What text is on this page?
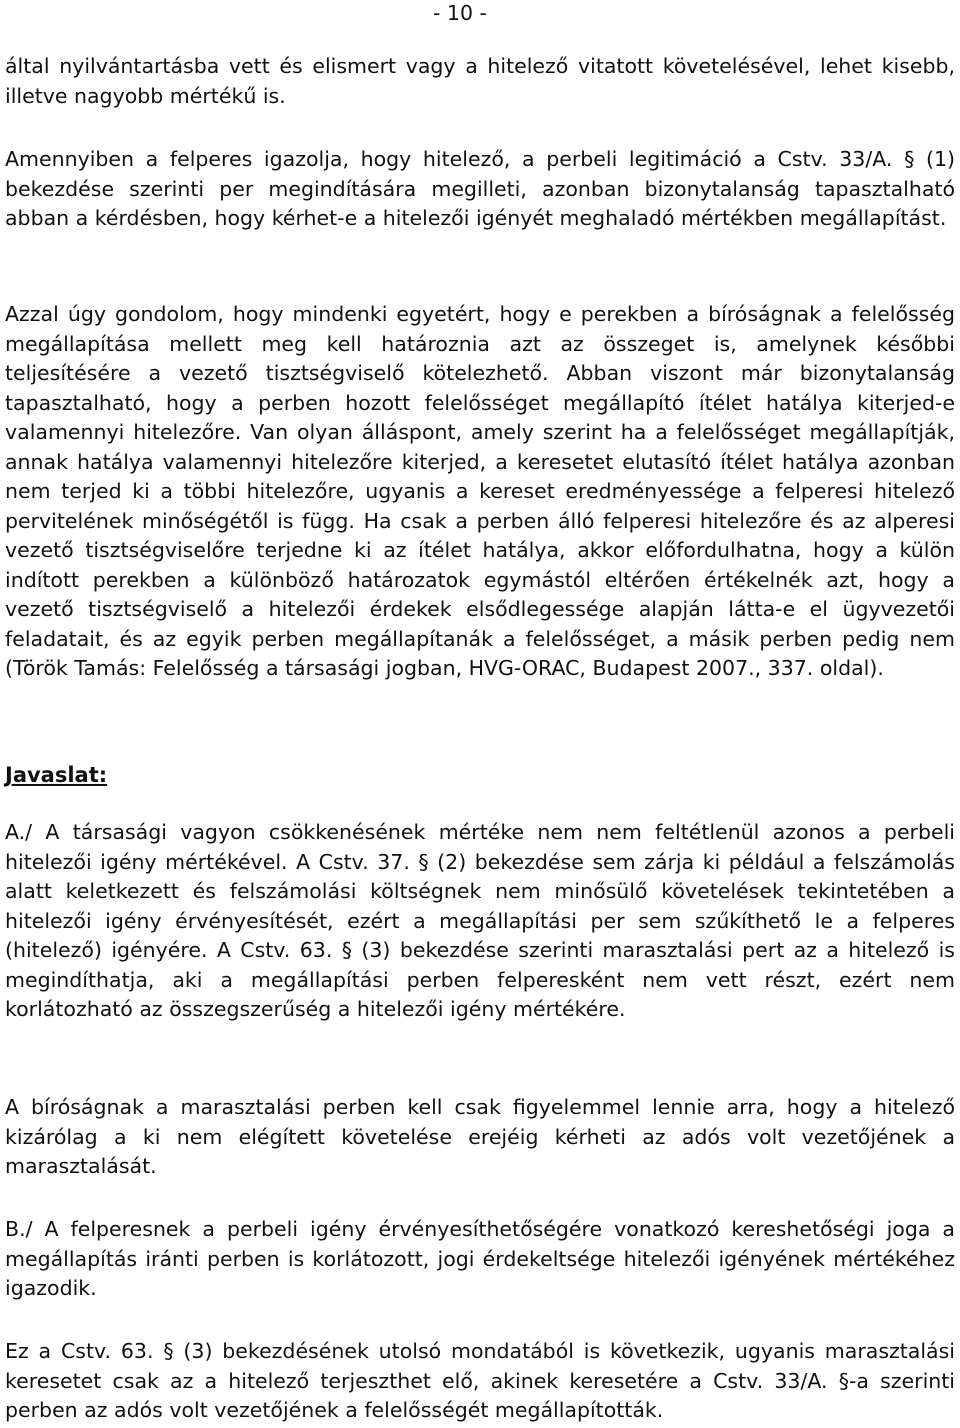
- 10 -

által nyilvántartásba vett és elismert vagy a hitelező vitatott követelésével, lehet kisebb, illetve nagyobb mértékű is.

Amennyiben a felperes igazolja, hogy hitelező, a perbeli legitimáció a Cstv. 33/A. § (1) bekezdése szerinti per megindítására megilleti, azonban bizonytalanság tapasztalható abban a kérdésben, hogy kérhet-e a hitelezői igényét meghaladó mértékben megállapítást.

Azzal úgy gondolom, hogy mindenki egyetért, hogy e perekben a bíróságnak a felelősség megállapítása mellett meg kell határoznia azt az összeget is, amelynek későbbi teljesítésére a vezető tisztségviselő kötelezhető. Abban viszont már bizonytalanság tapasztalható, hogy a perben hozott felelősséget megállapító ítélet hatálya kiterjed-e valamennyi hitelezőre. Van olyan álláspont, amely szerint ha a felelősséget megállapítják, annak hatálya valamennyi hitelezőre kiterjed, a keresetet elutasító ítélet hatálya azonban nem terjed ki a többi hitelezőre, ugyanis a kereset eredményessége a felperesi hitelező pervitelének minőségétől is függ. Ha csak a perben álló felperesi hitelezőre és az alperesi vezető tisztségviselőre terjedne ki az ítélet hatálya, akkor előfordulhatna, hogy a külön indított perekben a különböző határozatok egymástól eltérően értékelnék azt, hogy a vezető tisztségviselő a hitelezői érdekek elsődlegessége alapján látta-e el ügyvezetői feladatait, és az egyik perben megállapítanák a felelősséget, a másik perben pedig nem (Török Tamás: Felelősség a társasági jogban, HVG-ORAC, Budapest 2007., 337. oldal).

Javaslat:

A./ A társasági vagyon csökkenésének mértéke nem nem feltétlenül azonos a perbeli hitelezői igény mértékével. A Cstv. 37. § (2) bekezdése sem zárja ki például a felszámolás alatt keletkezett és felszámolási költségnek nem minősülő követelések tekintetében a hitelezői igény érvényesítését, ezért a megállapítási per sem szűkíthető le a felperes (hitelező) igényére. A Cstv. 63. § (3) bekezdése szerinti marasztalási pert az a hitelező is megindíthatja, aki a megállapítási perben felperesként nem vett részt, ezért nem korlátozható az összegszerűség a hitelezői igény mértékére.

A bíróságnak a marasztalási perben kell csak figyelemmel lennie arra, hogy a hitelező kizárólag a ki nem elégített követelése erejéig kérheti az adós volt vezetőjének a marasztalását.

B./ A felperesnek a perbeli igény érvényesíthetőségére vonatkozó kereshetőségi joga a megállapítás iránti perben is korlátozott, jogi érdekeltsége hitelezői igényének mértékéhez igazodik.

Ez a Cstv. 63. § (3) bekezdésének utolsó mondatából is következik, ugyanis marasztalási keresetet csak az a hitelező terjeszthet elő, akinek keresetére a Cstv. 33/A. §-a szerinti perben az adós volt vezetőjének a felelősségét megállapították.
